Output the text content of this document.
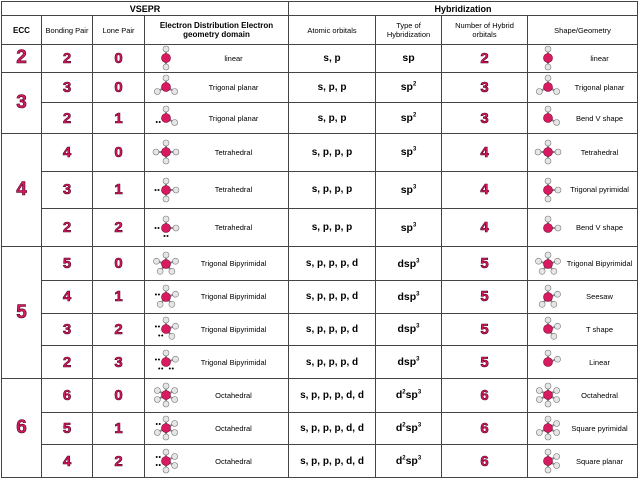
VSEPR				Hybridization			
ECC	Bonding Pair	Lone Pair	Electron Distribution Electron geometry domain	Atomic orbitals	Type of Hybridization	Number of Hybrid orbitals	Shape/Geometry
2	2	0	linear	s, p	sp	2	linear

3	3	0	Trigonal planar	s, p, p	$sp^2$	3	Trigonal planar

	2	1	Trigonal planar	s, p, p	$sp^2$	3	Bend V shape

4	4	0	Tetrahedral	s, p, p, p	$sp^3$	4	Tetrahedral

	3	1	Tetrahedral	s, p, p, p	$sp^3$	4	Trigonal pyrimidal

	2	2	Tetrahedral	s, p, p, p	$sp^3$	4	Bend V shape

5	5	0	Trigonal Bipyrimidal	s, p, p, p, d	dsp$^3$	5	Trigonal Bipyrimidal

	4	1	Trigonal Bipyrimidal	s, p, p, p, d	dsp$^3$	5	Seesaw

	3	2	Trigonal Bipyrimidal	s, p, p, p, d	dsp$^3$	5	T shape

	2	3	Trigonal Bipyrimidal	s, p, p, p, d	dsp$^3$	5	Linear

6	6	0	Octahedral	s, p, p, p, d, d	$d^2sp^3$	6	Octahedral

	5	1	Octahedral	s, p, p, p, d, d	$d^2sp^3$	6	Square pyrimidal

	4	2	Octahedral	s, p, p, p, d, d	$d^2sp^3$	6	Square planar
